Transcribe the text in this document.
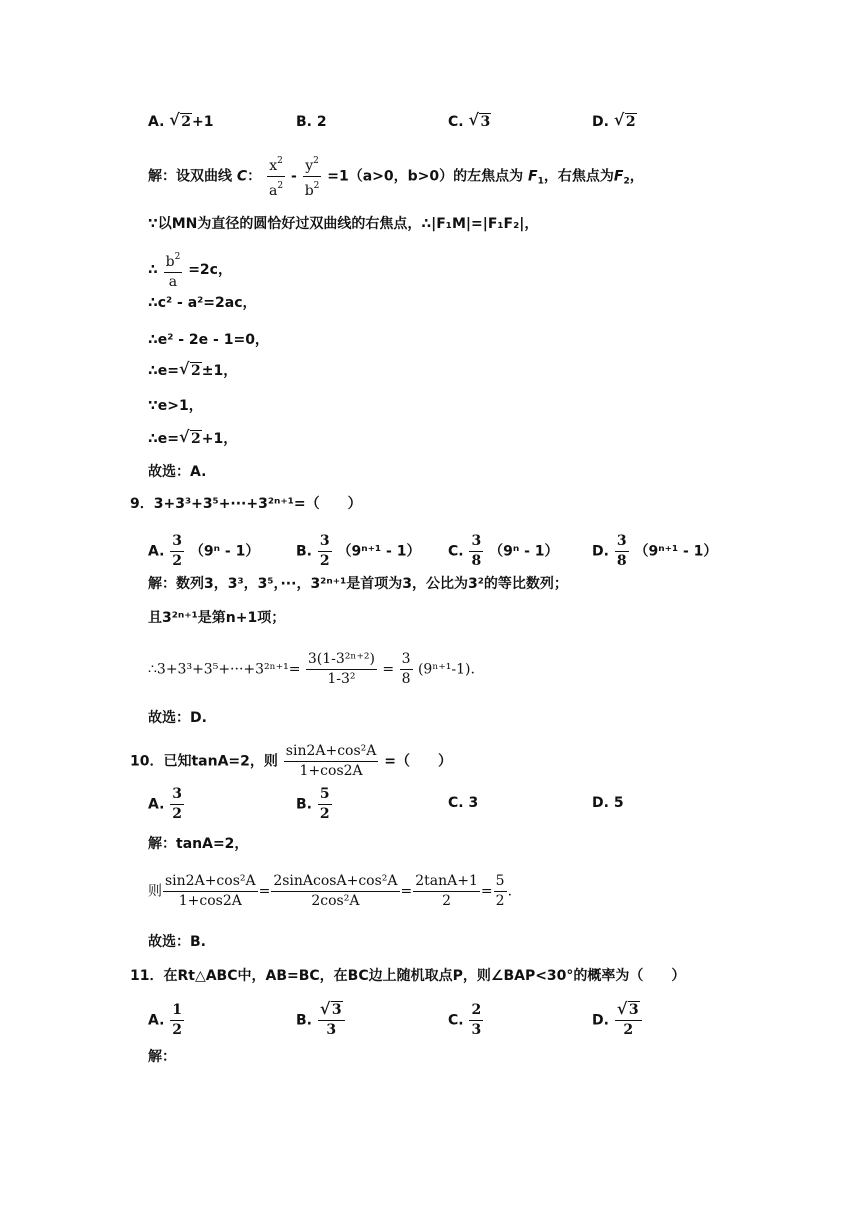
A. √ 2+1	B. 2	C. √ 3	D. √ 2
解：设双曲线 C： $\frac{x^2}{a^2} - \frac{y^2}{b^2} =1(a>0$，b>0）的左焦点为 $F_1$，右焦点为$F_2$，
∵以MN为直径的圆恰好过双曲线的右焦点，∴|F₁M|=|F₁F₂|，
∴ $\frac{b^2}{a} =2c$，
∴c² - a²=2ac，
∴e² - 2e - 1=0，
∴e= √ 2±1，
∵e>1，
∴e= √ 2+1，
故选：A.
9．3+3³+3⁵+···+3²ⁿ⁺¹=（　　）
A. $\frac{3}{2} (9^n - 1)$	B. $\frac{3}{2} (9^{n+1} - 1)$ C. $\frac{3}{8} (9^n - 1)$ D. $\frac{3}{8} (9^{n+1} - 1)$
解：数列3，3³，3⁵，···，3²ⁿ⁺¹是首项为3，公比为3²的等比数列；
且3²ⁿ⁺¹是第n+1项；
∴3+3³+3⁵+···+3²ⁿ⁺¹= $\frac{\text{3(1-3²ⁿ⁺²)}}{\text{1-3²}} = \frac{3}{8} (9^{n+1}-1)$.
故选：D.
10．已知tanA=2，则 $\frac{\text{sin2A+cos²A}}{1+\cos 2A}$ =（　　）
A. $\frac{3}{2}$	B. $\frac{5}{2}$	C. 3	D. 5
解：tanA=2，
则 $\frac{\text{sin2A+cos²A}}{1+\cos 2A} = \frac{\text{2sinAcosA+cos²A}}{\text{2cos²A}} = \frac{2\tan A+1}{2} = \frac{5}{2}$ .
故选：B.
11．在Rt△ABC中，AB=BC，在BC边上随机取点P，则∠BAP<30°的概率为（　　）
A. $\frac{1}{2}$	B. √ $\frac{3}{3}$	C. $\frac{2}{3}$	D. √ $\frac{3}{2}$
解：
